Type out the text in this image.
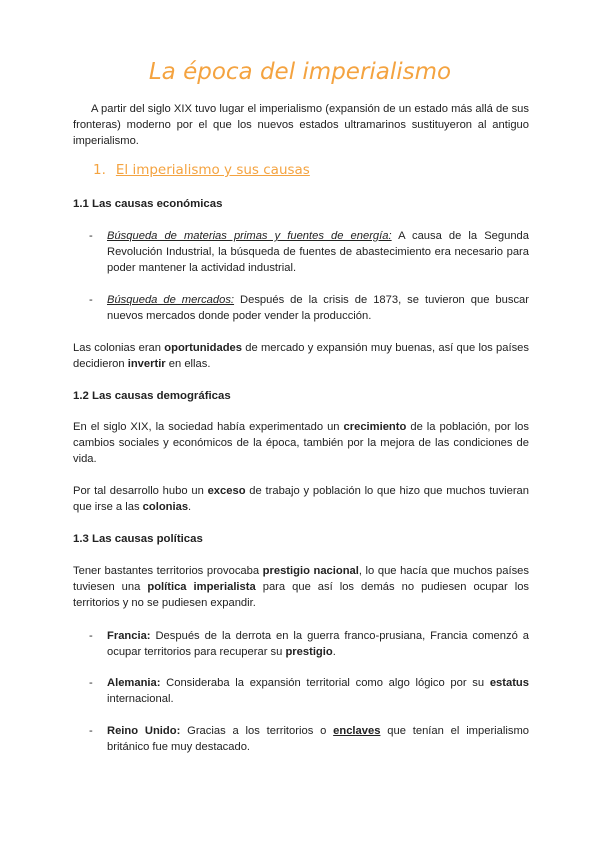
La época del imperialismo

A partir del siglo XIX tuvo lugar el imperialismo (expansión de un estado más allá de sus fronteras) moderno por el que los nuevos estados ultramarinos sustituyeron al antiguo imperialismo.

1. El imperialismo y sus causas
1.1 Las causas económicas
-	Búsqueda de materias primas y fuentes de energía: A causa de la Segunda Revolución Industrial, la búsqueda de fuentes de abastecimiento era necesario para poder mantener la actividad industrial.
-	Búsqueda de mercados: Después de la crisis de 1873, se tuvieron que buscar nuevos mercados donde poder vender la producción.

Las colonias eran oportunidades de mercado y expansión muy buenas, así que los países decidieron invertir en ellas.

1.2 Las causas demográficas

En el siglo XIX, la sociedad había experimentado un crecimiento de la población, por los cambios sociales y económicos de la época, también por la mejora de las condiciones de vida.

Por tal desarrollo hubo un exceso de trabajo y población lo que hizo que muchos tuvieran que irse a las colonias.

1.3 Las causas políticas

Tener bastantes territorios provocaba prestigio nacional, lo que hacía que muchos países tuviesen una política imperialista para que así los demás no pudiesen ocupar los territorios y no se pudiesen expandir.

-	Francia: Después de la derrota en la guerra franco-prusiana, Francia comenzó a ocupar territorios para recuperar su prestigio.
-	Alemania: Consideraba la expansión territorial como algo lógico por su estatus internacional.
-	Reino Unido: Gracias a los territorios o enclaves que tenían el imperialismo británico fue muy destacado.
